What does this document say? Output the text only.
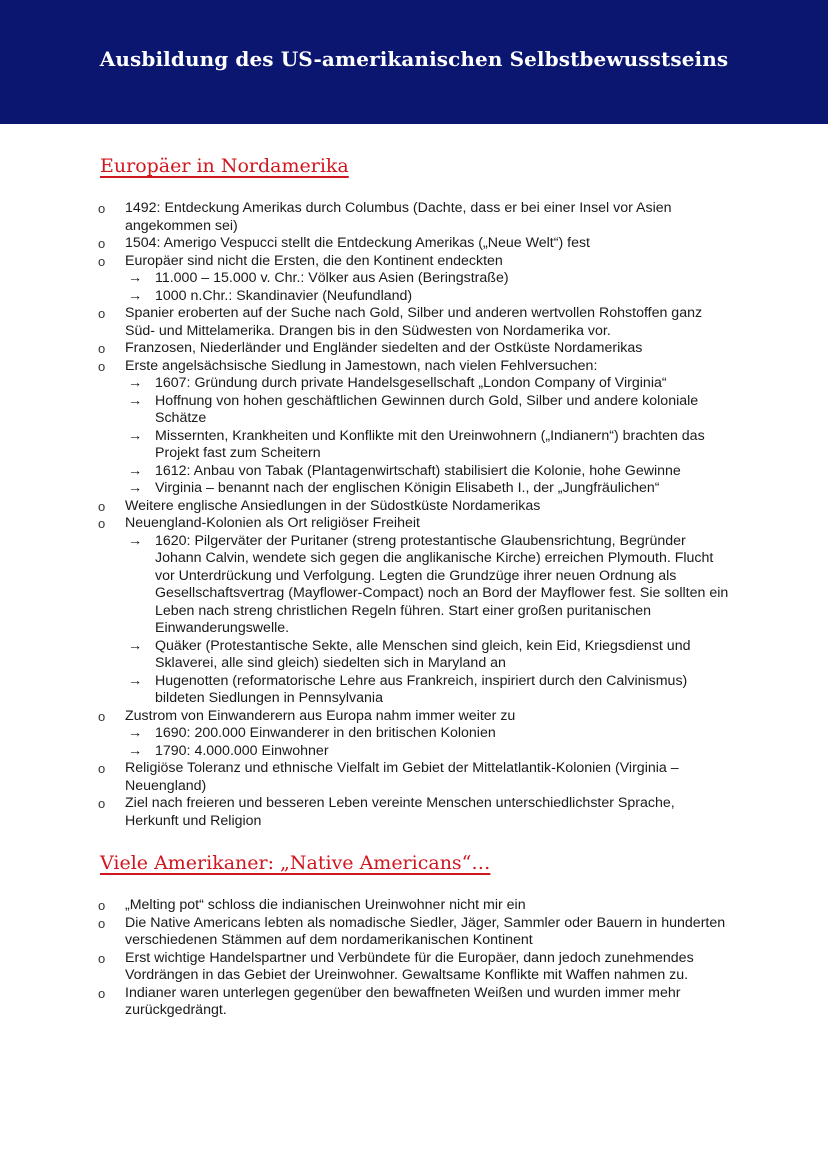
Ausbildung des US-amerikanischen Selbstbewusstseins
Europäer in Nordamerika
o 1492: Entdeckung Amerikas durch Columbus (Dachte, dass er bei einer Insel vor Asien angekommen sei)
o 1504: Amerigo Vespucci stellt die Entdeckung Amerikas („Neue Welt“) fest
o Europäer sind nicht die Ersten, die den Kontinent endeckten
→ 11.000 – 15.000 v. Chr.: Völker aus Asien (Beringstraße)
→ 1000 n.Chr.: Skandinavier (Neufundland)
o Spanier eroberten auf der Suche nach Gold, Silber und anderen wertvollen Rohstoffen ganz Süd- und Mittelamerika. Drangen bis in den Südwesten von Nordamerika vor.
o Franzosen, Niederländer und Engländer siedelten and der Ostküste Nordamerikas
o Erste angelsächsische Siedlung in Jamestown, nach vielen Fehlversuchen:
→ 1607: Gründung durch private Handelsgesellschaft „London Company of Virginia“
→ Hoffnung von hohen geschäftlichen Gewinnen durch Gold, Silber und andere koloniale Schätze
→ Missernten, Krankheiten und Konflikte mit den Ureinwohnern („Indianern“) brachten das Projekt fast zum Scheitern
→ 1612: Anbau von Tabak (Plantagenwirtschaft) stabilisiert die Kolonie, hohe Gewinne
→ Virginia – benannt nach der englischen Königin Elisabeth I., der „Jungfräulichen“
o Weitere englische Ansiedlungen in der Südostküste Nordamerikas
o Neuengland-Kolonien als Ort religiöser Freiheit
→ 1620: Pilgerväter der Puritaner (streng protestantische Glaubensrichtung, Begründer Johann Calvin, wendete sich gegen die anglikanische Kirche) erreichen Plymouth. Flucht vor Unterdrückung und Verfolgung. Legten die Grundzüge ihrer neuen Ordnung als Gesellschaftsvertrag (Mayflower-Compact) noch an Bord der Mayflower fest. Sie sollten ein Leben nach streng christlichen Regeln führen. Start einer großen puritanischen Einwanderungswelle.
→ Quäker (Protestantische Sekte, alle Menschen sind gleich, kein Eid, Kriegsdienst und Sklaverei, alle sind gleich) siedelten sich in Maryland an
→ Hugenotten (reformatorische Lehre aus Frankreich, inspiriert durch den Calvinismus) bildeten Siedlungen in Pennsylvania
o Zustrom von Einwanderern aus Europa nahm immer weiter zu
→ 1690: 200.000 Einwanderer in den britischen Kolonien
→ 1790: 4.000.000 Einwohner
o Religiöse Toleranz und ethnische Vielfalt im Gebiet der Mittelatlantik-Kolonien (Virginia – Neuengland)
o Ziel nach freieren und besseren Leben vereinte Menschen unterschiedlichster Sprache, Herkunft und Religion
Viele Amerikaner: „Native Americans“…
o „Melting pot“ schloss die indianischen Ureinwohner nicht mir ein
o Die Native Americans lebten als nomadische Siedler, Jäger, Sammler oder Bauern in hunderten verschiedenen Stämmen auf dem nordamerikanischen Kontinent
o Erst wichtige Handelspartner und Verbündete für die Europäer, dann jedoch zunehmendes Vordrängen in das Gebiet der Ureinwohner. Gewaltsame Konflikte mit Waffen nahmen zu.
o Indianer waren unterlegen gegenüber den bewaffneten Weißen und wurden immer mehr zurückgedrängt.
